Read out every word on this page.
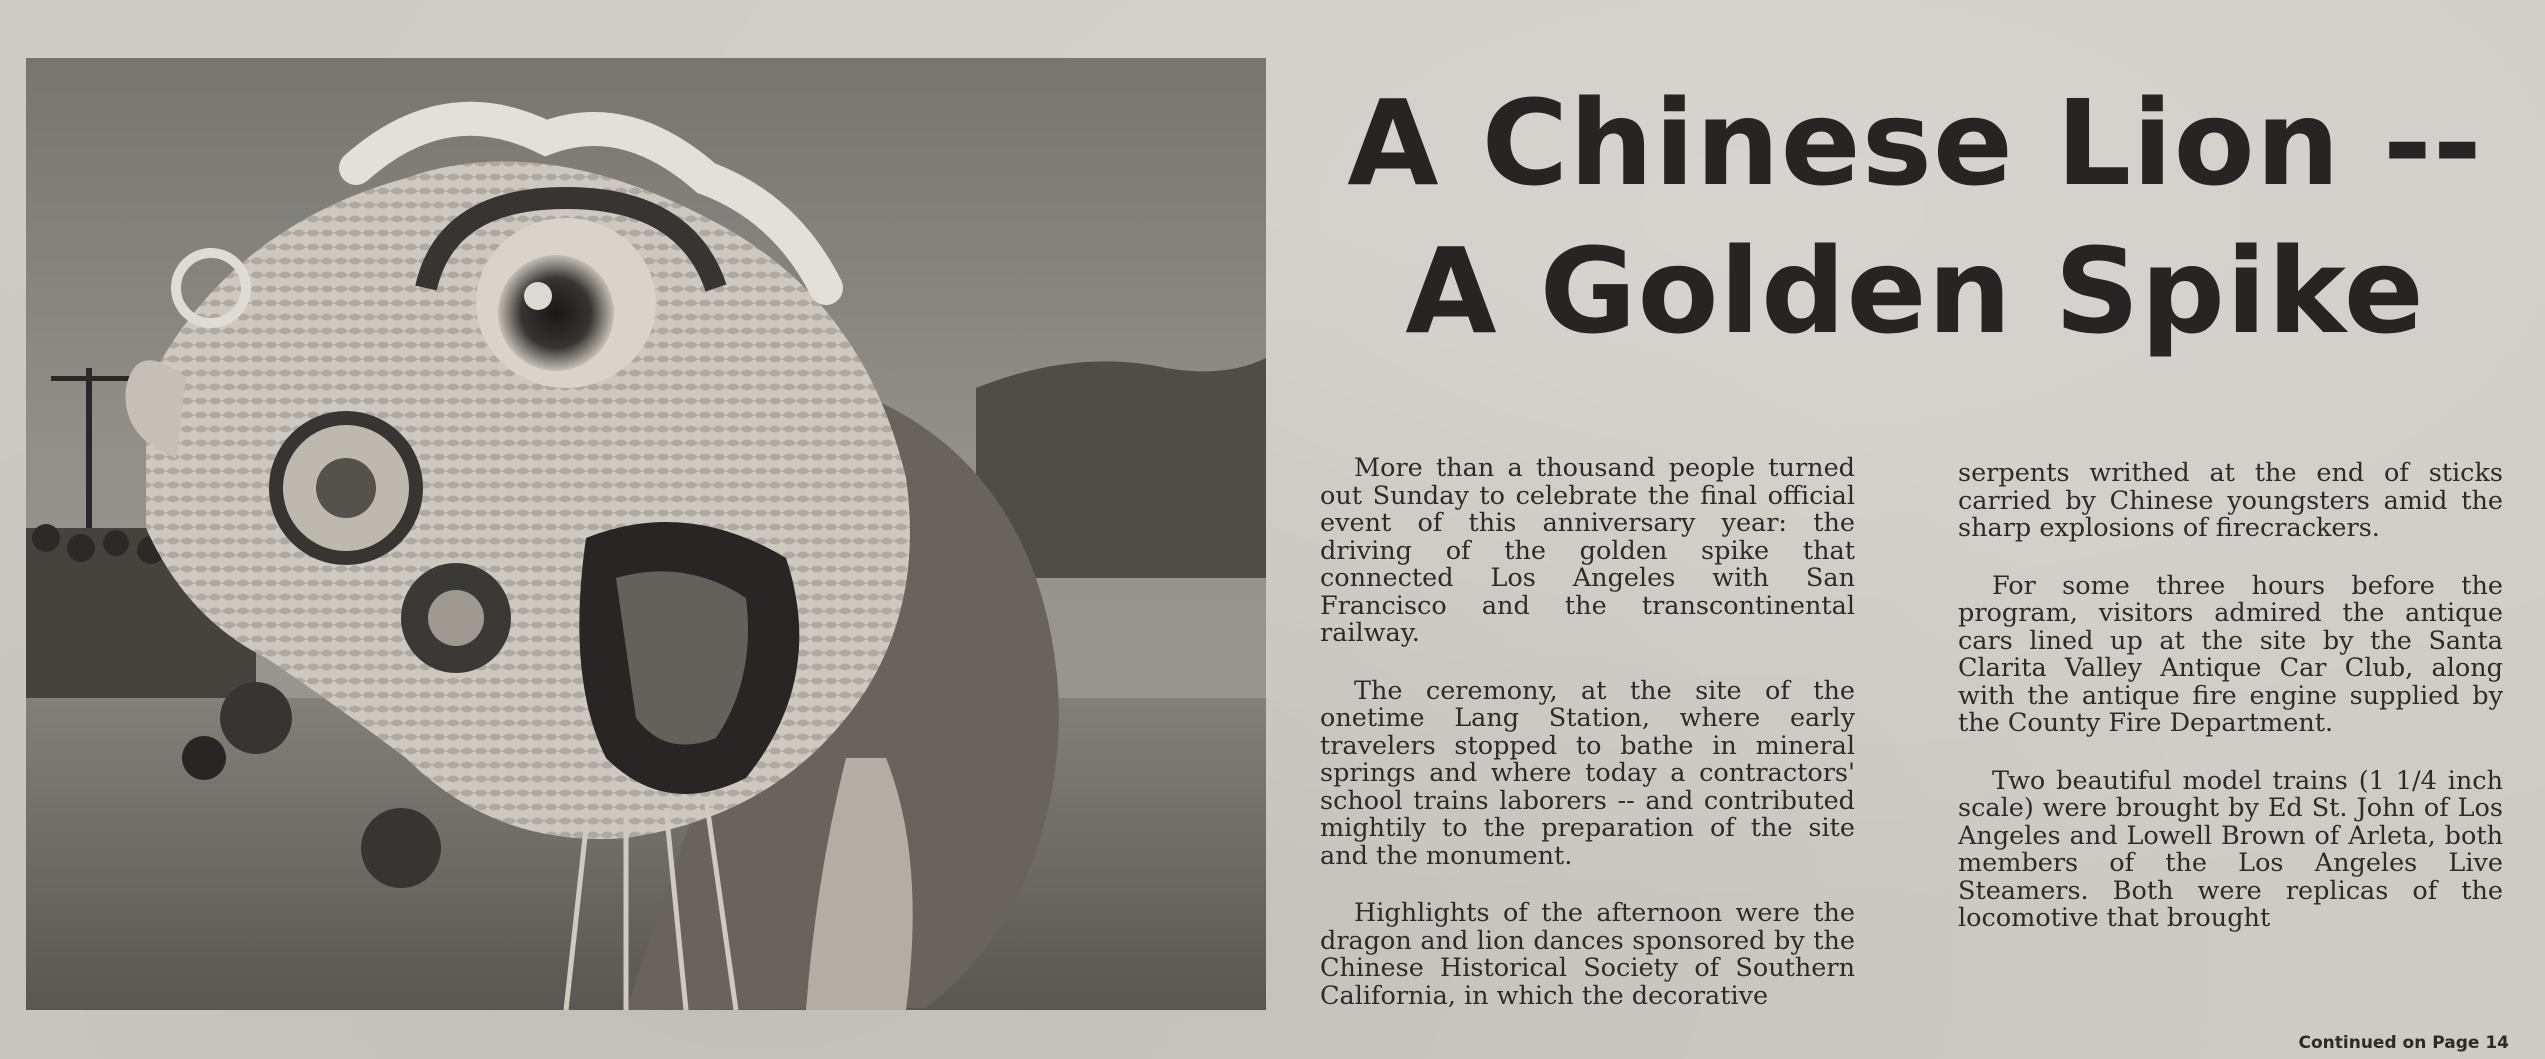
A Chinese Lion --
A Golden Spike

More than a thousand people turned out Sunday to celebrate the final official event of this anniversary year: the driving of the golden spike that connected Los Angeles with San Francisco and the transcontinental railway.

The ceremony, at the site of the onetime Lang Station, where early travelers stopped to bathe in mineral springs and where today a contractors' school trains laborers -- and contributed mightily to the preparation of the site and the monument.

Highlights of the afternoon were the dragon and lion dances sponsored by the Chinese Historical Society of Southern California, in which the decorative

serpents writhed at the end of sticks carried by Chinese youngsters amid the sharp explosions of firecrackers.

For some three hours before the program, visitors admired the antique cars lined up at the site by the Santa Clarita Valley Antique Car Club, along with the antique fire engine supplied by the County Fire Department.

Two beautiful model trains (1 1/4 inch scale) were brought by Ed St. John of Los Angeles and Lowell Brown of Arleta, both members of the Los Angeles Live Steamers. Both were replicas of the locomotive that brought

Continued on Page 14
